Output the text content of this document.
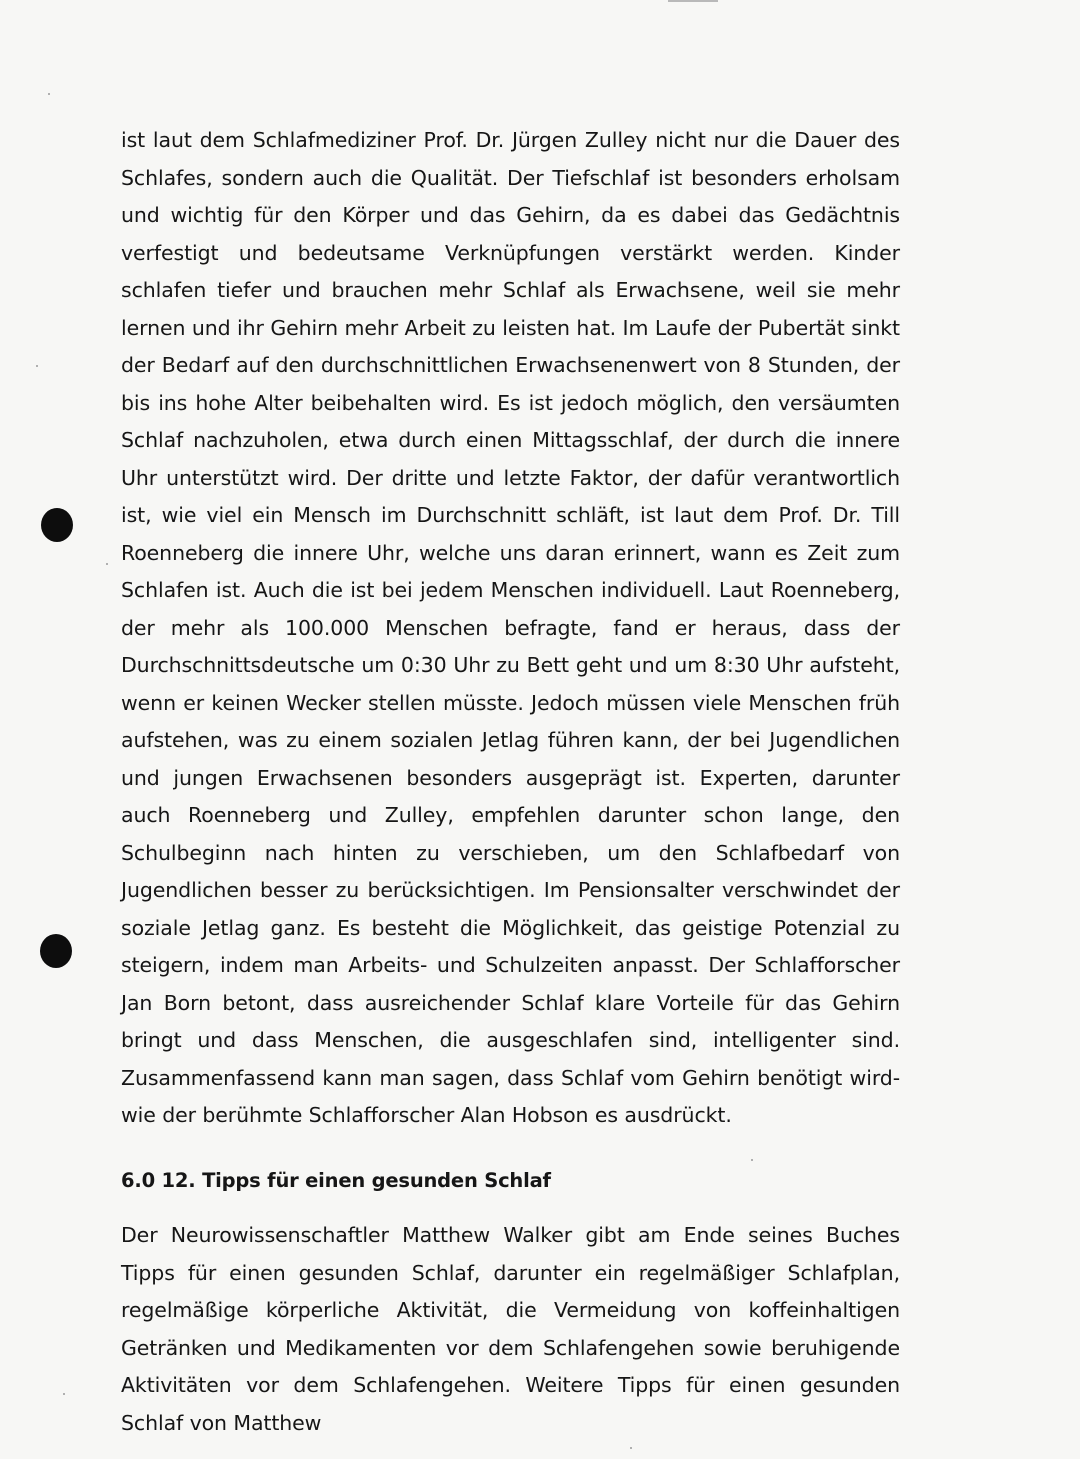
ist laut dem Schlafmediziner Prof. Dr. Jürgen Zulley nicht nur die Dauer des Schlafes, sondern auch die Qualität. Der Tiefschlaf ist besonders erholsam und wichtig für den Körper und das Gehirn, da es dabei das Gedächtnis verfestigt und bedeutsame Verknüpfungen verstärkt werden. Kinder schlafen tiefer und brauchen mehr Schlaf als Erwachsene, weil sie mehr lernen und ihr Gehirn mehr Arbeit zu leisten hat. Im Laufe der Pubertät sinkt der Bedarf auf den durchschnittlichen Erwachsenenwert von 8 Stunden, der bis ins hohe Alter beibehalten wird. Es ist jedoch möglich, den versäumten Schlaf nachzuholen, etwa durch einen Mittagsschlaf, der durch die innere Uhr unterstützt wird. Der dritte und letzte Faktor, der dafür verantwortlich ist, wie viel ein Mensch im Durchschnitt schläft, ist laut dem Prof. Dr. Till Roenneberg die innere Uhr, welche uns daran erinnert, wann es Zeit zum Schlafen ist. Auch die ist bei jedem Menschen individuell. Laut Roenneberg, der mehr als 100.000 Menschen befragte, fand er heraus, dass der Durchschnittsdeutsche um 0:30 Uhr zu Bett geht und um 8:30 Uhr aufsteht, wenn er keinen Wecker stellen müsste. Jedoch müssen viele Menschen früh aufstehen, was zu einem sozialen Jetlag führen kann, der bei Jugendlichen und jungen Erwachsenen besonders ausgeprägt ist. Experten, darunter auch Roenneberg und Zulley, empfehlen darunter schon lange, den Schulbeginn nach hinten zu verschieben, um den Schlafbedarf von Jugendlichen besser zu berücksichtigen. Im Pensionsalter verschwindet der soziale Jetlag ganz. Es besteht die Möglichkeit, das geistige Potenzial zu steigern, indem man Arbeits- und Schulzeiten anpasst. Der Schlafforscher Jan Born betont, dass ausreichender Schlaf klare Vorteile für das Gehirn bringt und dass Menschen, die ausgeschlafen sind, intelligenter sind. Zusammenfassend kann man sagen, dass Schlaf vom Gehirn benötigt wird- wie der berühmte Schlafforscher Alan Hobson es ausdrückt.

6.0 12. Tipps für einen gesunden Schlaf

Der Neurowissenschaftler Matthew Walker gibt am Ende seines Buches Tipps für einen gesunden Schlaf, darunter ein regelmäßiger Schlafplan, regelmäßige körperliche Aktivität, die Vermeidung von koffeinhaltigen Getränken und Medikamenten vor dem Schlafengehen sowie beruhigende Aktivitäten vor dem Schlafengehen. Weitere Tipps für einen gesunden Schlaf von Matthew
